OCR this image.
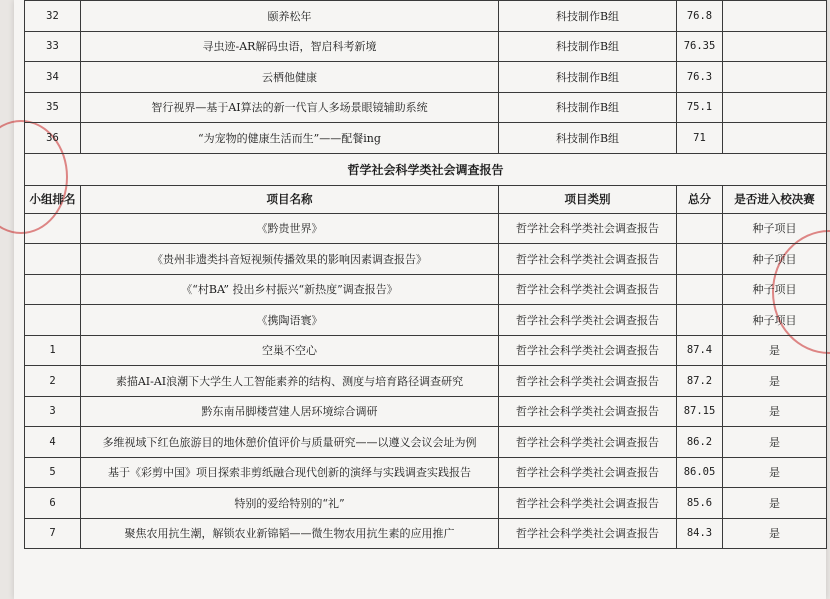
32	颐养松年	科技制作B组	76.8	
33	寻虫迹-AR解码虫语，智启科考新境	科技制作B组	76.35	
34	云栖他健康	科技制作B组	76.3	
35	智行视界—基于AI算法的新一代盲人多场景眼镜辅助系统	科技制作B组	75.1	
36	“为宠物的健康生活而生”——配餐ing	科技制作B组	71	
哲学社会科学类社会调查报告				
小组排名	项目名称	项目类别	总分	是否进入校决赛
	《黔贵世界》	哲学社会科学类社会调查报告		种子项目
	《贵州非遗类抖音短视频传播效果的影响因素调查报告》	哲学社会科学类社会调查报告		种子项目
	《“村BA” 投出乡村振兴“新热度”调查报告》	哲学社会科学类社会调查报告		种子项目
	《携陶语寰》	哲学社会科学类社会调查报告		种子项目
1	空巢不空心	哲学社会科学类社会调查报告	87.4	是
2	素描AI-AI浪潮下大学生人工智能素养的结构、测度与培育路径调查研究	哲学社会科学类社会调查报告	87.2	是
3	黔东南吊脚楼营建人居环境综合调研	哲学社会科学类社会调查报告	87.15	是
4	多维视域下红色旅游目的地休憩价值评价与质量研究——以遵义会议会址为例	哲学社会科学类社会调查报告	86.2	是
5	基于《彩剪中国》项目探索非剪纸融合现代创新的演绎与实践调查实践报告	哲学社会科学类社会调查报告	86.05	是
6	特别的爱给特别的“礼”	哲学社会科学类社会调查报告	85.6	是
7	聚焦农用抗生潮，解锁农业新锦韬——微生物农用抗生素的应用推广	哲学社会科学类社会调查报告	84.3	是
